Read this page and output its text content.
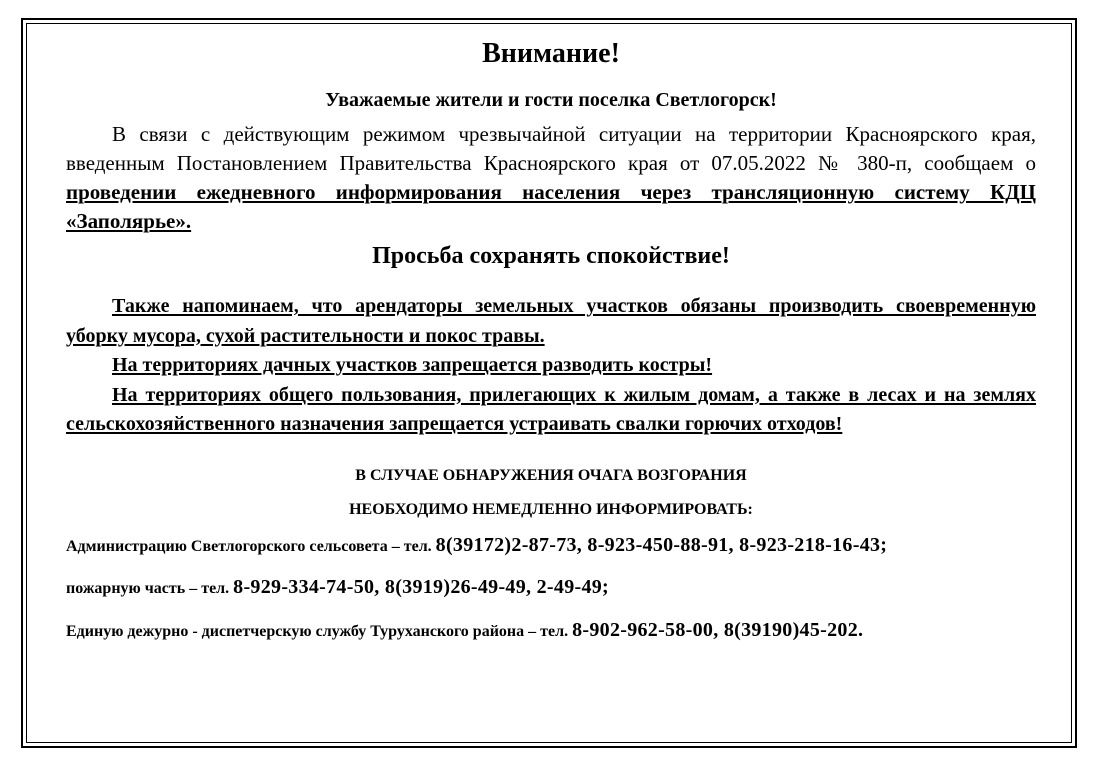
Внимание!

Уважаемые жители и гости поселка Светлогорск!

В связи с действующим режимом чрезвычайной ситуации на территории Красноярского края, введенным Постановлением Правительства Красноярского края от 07.05.2022 № 380-п, сообщаем о проведении ежедневного информирования населения через трансляционную систему КДЦ «Заполярье».

Просьба сохранять спокойствие!

Также напоминаем, что арендаторы земельных участков обязаны производить своевременную уборку мусора, сухой растительности и покос травы.

На территориях дачных участков запрещается разводить костры!

На территориях общего пользования, прилегающих к жилым домам, а также в лесах и на землях сельскохозяйственного назначения запрещается устраивать свалки горючих отходов!

В СЛУЧАЕ ОБНАРУЖЕНИЯ ОЧАГА ВОЗГОРАНИЯ

НЕОБХОДИМО НЕМЕДЛЕННО ИНФОРМИРОВАТЬ:

Администрацию Светлогорского сельсовета – тел. 8(39172)2-87-73, 8-923-450-88-91, 8-923-218-16-43;

пожарную часть – тел. 8-929-334-74-50, 8(3919)26-49-49, 2-49-49;

Единую дежурно - диспетчерскую службу Туруханского района – тел. 8-902-962-58-00, 8(39190)45-202.
